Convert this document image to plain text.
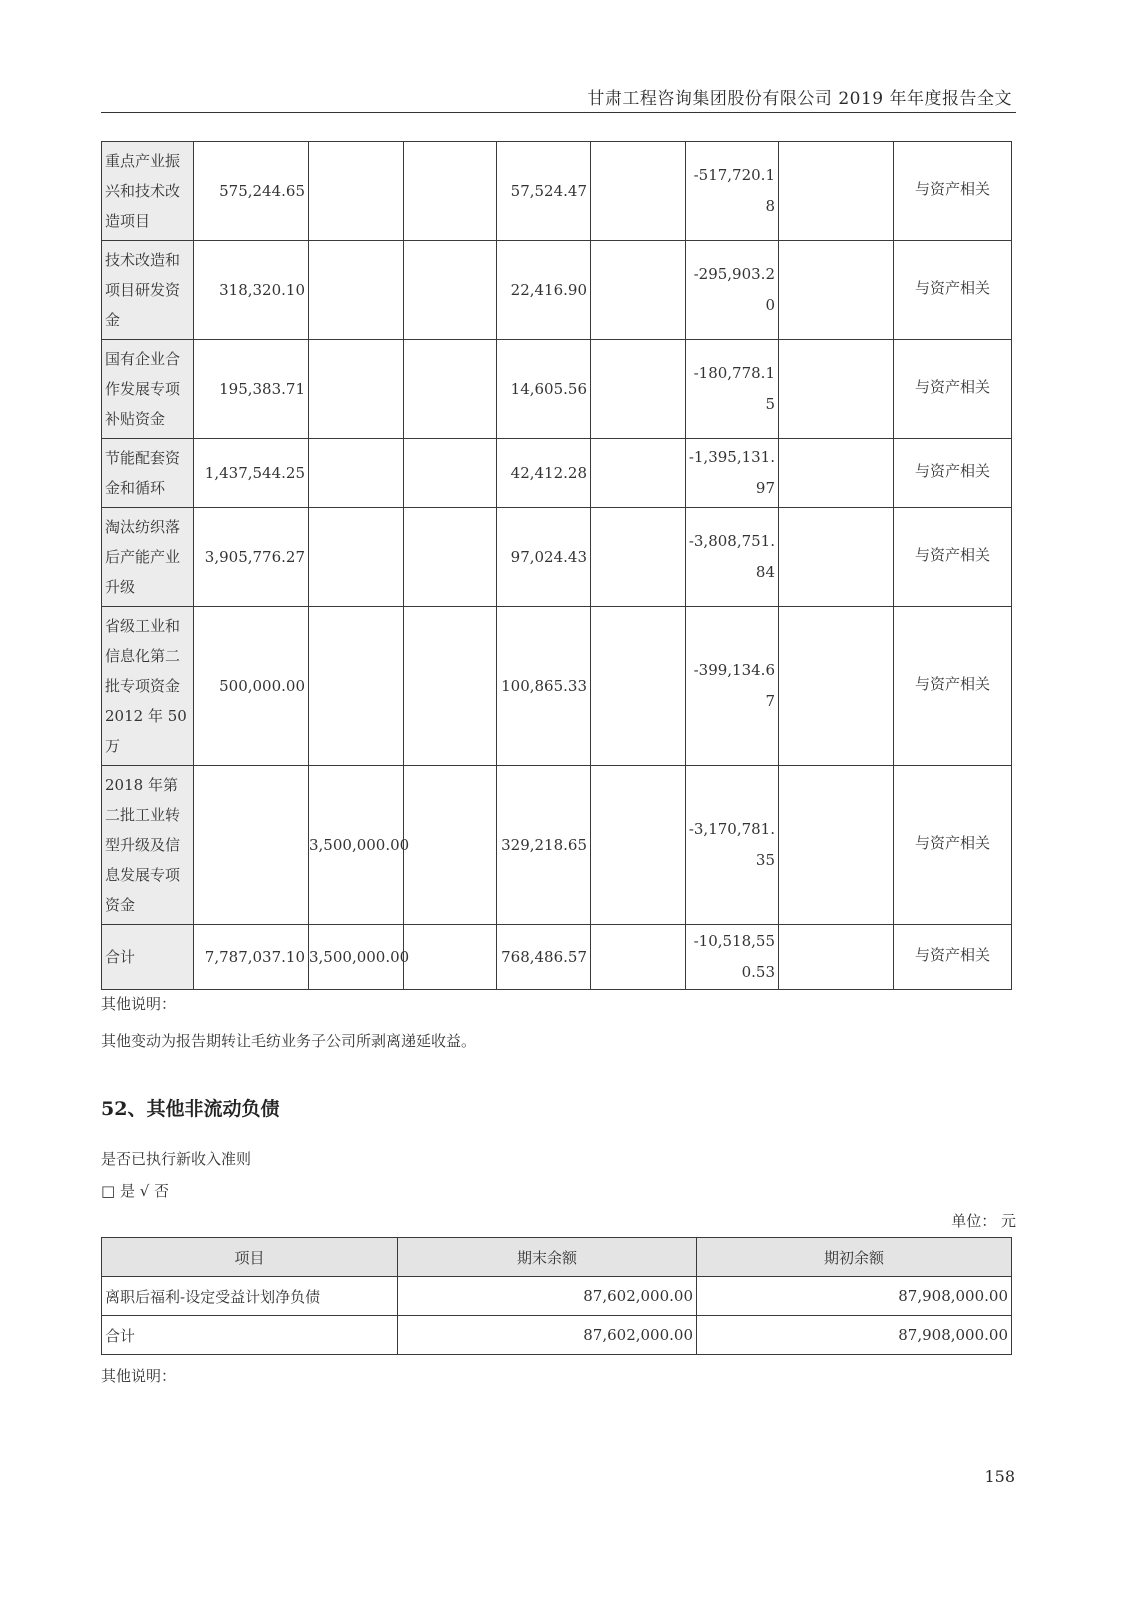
甘肃工程咨询集团股份有限公司 2019 年年度报告全文
重点产业振兴和技术改造项目	575,244.65			57,524.47		-517,720.18		与资产相关
技术改造和项目研发资金	318,320.10			22,416.90		-295,903.20		与资产相关
国有企业合作发展专项补贴资金	195,383.71			14,605.56		-180,778.15		与资产相关
节能配套资金和循环	1,437,544.25			42,412.28		-1,395,131.97		与资产相关
淘汰纺织落后产能产业升级	3,905,776.27			97,024.43		-3,808,751.84		与资产相关
省级工业和信息化第二批专项资金 2012 年 50 万	500,000.00			100,865.33		-399,134.67		与资产相关
2018 年第二批工业转型升级及信息发展专项资金		3,500,000.00		329,218.65		-3,170,781.35		与资产相关
合计	7,787,037.10	3,500,000.00		768,486.57		-10,518,550.53		与资产相关
其他说明：
其他变动为报告期转让毛纺业务子公司所剥离递延收益。
52、其他非流动负债
是否已执行新收入准则
□ 是 √ 否
单位： 元
项目	期末余额	期初余额
离职后福利-设定受益计划净负债	87,602,000.00	87,908,000.00
合计	87,602,000.00	87,908,000.00
其他说明：
158
